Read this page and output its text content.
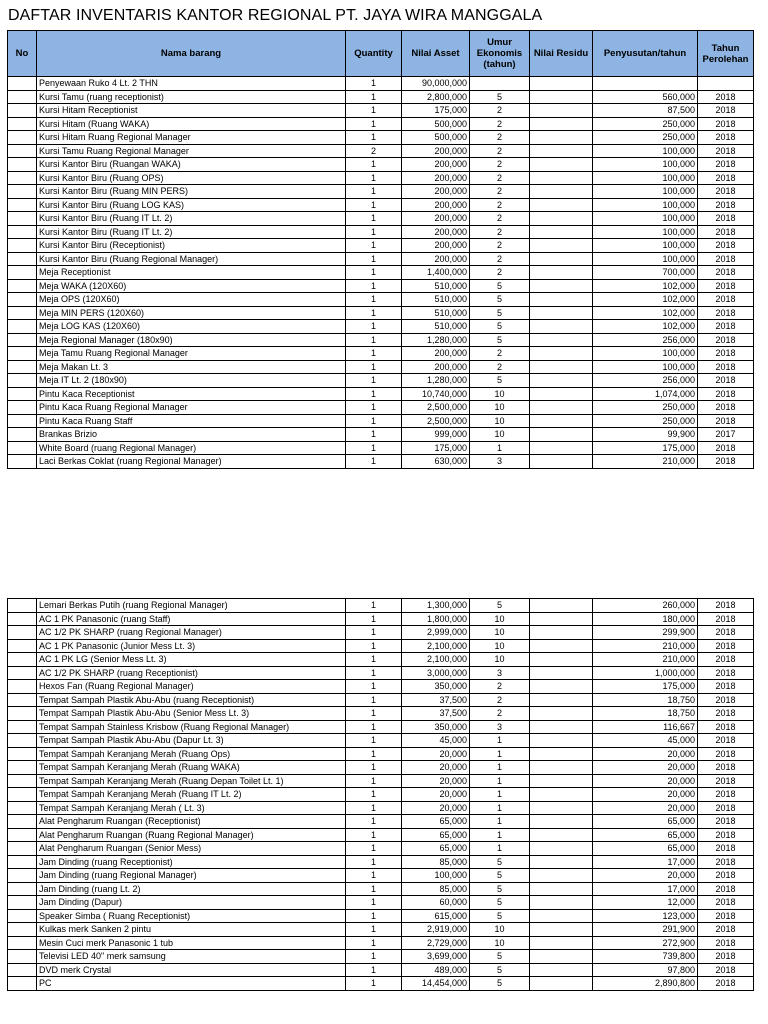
DAFTAR INVENTARIS KANTOR REGIONAL PT. JAYA WIRA MANGGALA
No	Nama barang	Quantity	Nilai Asset	Umur Ekonomis (tahun)	Nilai Residu	Penyusutan/tahun	Tahun Perolehan
	Penyewaan Ruko 4 Lt. 2 THN	1	90,000,000				
	Kursi Tamu (ruang receptionist)	1	2,800,000	5		560,000	2018
	Kursi Hitam Receptionist	1	175,000	2		87,500	2018
	Kursi Hitam (Ruang WAKA)	1	500,000	2		250,000	2018
	Kursi Hitam Ruang Regional Manager	1	500,000	2		250,000	2018
	Kursi Tamu Ruang Regional Manager	2	200,000	2		100,000	2018
	Kursi Kantor Biru (Ruangan WAKA)	1	200,000	2		100,000	2018
	Kursi Kantor Biru (Ruang OPS)	1	200,000	2		100,000	2018
	Kursi Kantor Biru (Ruang MIN PERS)	1	200,000	2		100,000	2018
	Kursi Kantor Biru (Ruang LOG KAS)	1	200,000	2		100,000	2018
	Kursi Kantor Biru (Ruang IT Lt. 2)	1	200,000	2		100,000	2018
	Kursi Kantor Biru (Ruang IT Lt. 2)	1	200,000	2		100,000	2018
	Kursi Kantor Biru (Receptionist)	1	200,000	2		100,000	2018
	Kursi Kantor Biru (Ruang Regional Manager)	1	200,000	2		100,000	2018
	Meja Receptionist	1	1,400,000	2		700,000	2018
	Meja WAKA (120X60)	1	510,000	5		102,000	2018
	Meja OPS (120X60)	1	510,000	5		102,000	2018
	Meja MIN PERS (120X60)	1	510,000	5		102,000	2018
	Meja LOG KAS (120X60)	1	510,000	5		102,000	2018
	Meja Regional Manager (180x90)	1	1,280,000	5		256,000	2018
	Meja Tamu Ruang Regional Manager	1	200,000	2		100,000	2018
	Meja Makan Lt. 3	1	200,000	2		100,000	2018
	Meja IT Lt. 2 (180x90)	1	1,280,000	5		256,000	2018
	Pintu Kaca Receptionist	1	10,740,000	10		1,074,000	2018
	Pintu Kaca Ruang Regional Manager	1	2,500,000	10		250,000	2018
	Pintu Kaca Ruang Staff	1	2,500,000	10		250,000	2018
	Brankas Brizio	1	999,000	10		99,900	2017
	White Board (ruang Regional Manager)	1	175,000	1		175,000	2018
	Laci Berkas Coklat (ruang Regional Manager)	1	630,000	3		210,000	2018
	Lemari Berkas Putih (ruang Regional Manager)	1	1,300,000	5		260,000	2018
	AC 1 PK Panasonic (ruang Staff)	1	1,800,000	10		180,000	2018
	AC 1/2 PK SHARP (ruang Regional Manager)	1	2,999,000	10		299,900	2018
	AC 1 PK Panasonic (Junior Mess Lt. 3)	1	2,100,000	10		210,000	2018
	AC 1 PK LG (Senior Mess Lt. 3)	1	2,100,000	10		210,000	2018
	AC 1/2 PK SHARP (ruang Receptionist)	1	3,000,000	3		1,000,000	2018
	Hexos Fan (Ruang Regional Manager)	1	350,000	2		175,000	2018
	Tempat Sampah Plastik Abu-Abu (ruang Receptionist)	1	37,500	2		18,750	2018
	Tempat Sampah Plastik Abu-Abu (Senior Mess Lt. 3)	1	37,500	2		18,750	2018
	Tempat Sampah Stainless Krisbow (Ruang Regional Manager)	1	350,000	3		116,667	2018
	Tempat Sampah Plastik Abu-Abu (Dapur Lt. 3)	1	45,000	1		45,000	2018
	Tempat Sampah Keranjang Merah (Ruang Ops)	1	20,000	1		20,000	2018
	Tempat Sampah Keranjang Merah (Ruang WAKA)	1	20,000	1		20,000	2018
	Tempat Sampah Keranjang Merah (Ruang Depan Toilet Lt. 1)	1	20,000	1		20,000	2018
	Tempat Sampah Keranjang Merah (Ruang IT Lt. 2)	1	20,000	1		20,000	2018
	Tempat Sampah Keranjang Merah ( Lt. 3)	1	20,000	1		20,000	2018
	Alat Pengharum Ruangan (Receptionist)	1	65,000	1		65,000	2018
	Alat Pengharum Ruangan (Ruang Regional Manager)	1	65,000	1		65,000	2018
	Alat Pengharum Ruangan (Senior Mess)	1	65,000	1		65,000	2018
	Jam Dinding (ruang Receptionist)	1	85,000	5		17,000	2018
	Jam Dinding (ruang Regional Manager)	1	100,000	5		20,000	2018
	Jam Dinding (ruang Lt. 2)	1	85,000	5		17,000	2018
	Jam Dinding (Dapur)	1	60,000	5		12,000	2018
	Speaker Simba ( Ruang Receptionist)	1	615,000	5		123,000	2018
	Kulkas merk Sanken 2 pintu	1	2,919,000	10		291,900	2018
	Mesin Cuci merk Panasonic 1 tub	1	2,729,000	10		272,900	2018
	Televisi LED 40" merk samsung	1	3,699,000	5		739,800	2018
	DVD merk Crystal	1	489,000	5		97,800	2018
	PC	1	14,454,000	5		2,890,800	2018
